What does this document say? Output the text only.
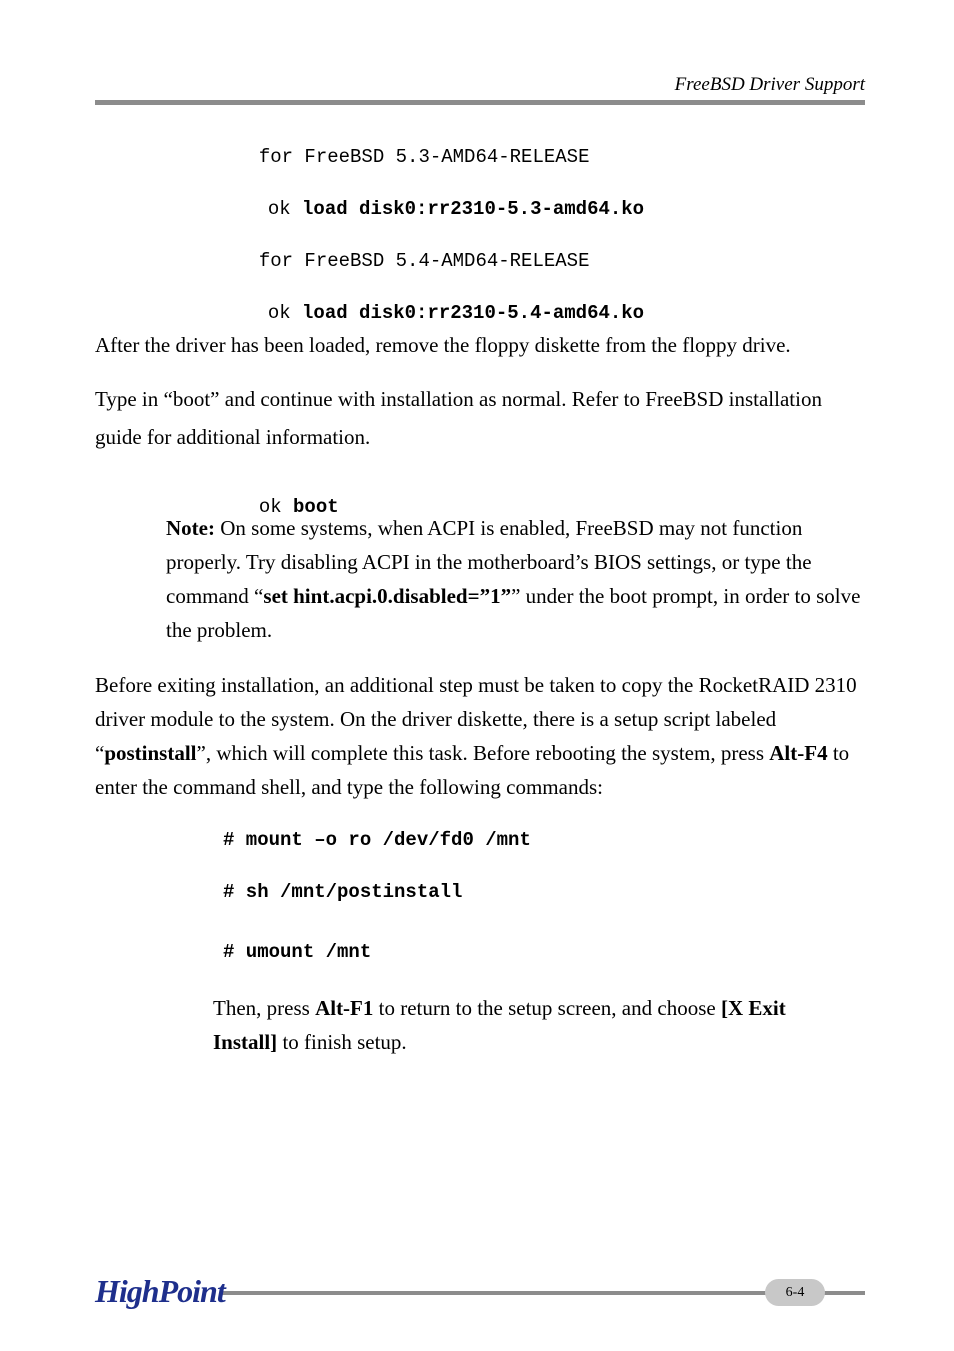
FreeBSD Driver Support

for FreeBSD 5.3-AMD64-RELEASE

ok load disk0:rr2310-5.3-amd64.ko

for FreeBSD 5.4-AMD64-RELEASE

ok load disk0:rr2310-5.4-amd64.ko

After the driver has been loaded, remove the floppy diskette from the floppy drive.
Type in “boot” and continue with installation as normal. Refer to FreeBSD installation guide for additional information.

ok boot

Note: On some systems, when ACPI is enabled, FreeBSD may not function properly. Try disabling ACPI in the motherboard’s BIOS settings, or type the command “set hint.acpi.0.disabled=”1”” under the boot prompt, in order to solve the problem.
Before exiting installation, an additional step must be taken to copy the RocketRAID 2310 driver module to the system. On the driver diskette, there is a setup script labeled “postinstall”, which will complete this task. Before rebooting the system, press Alt-F4 to enter the command shell, and type the following commands:
# mount –o ro /dev/fd0 /mnt
# sh /mnt/postinstall
# umount /mnt
Then, press Alt-F1 to return to the setup screen, and choose [X Exit Install] to finish setup.
HighPoint	6-4
